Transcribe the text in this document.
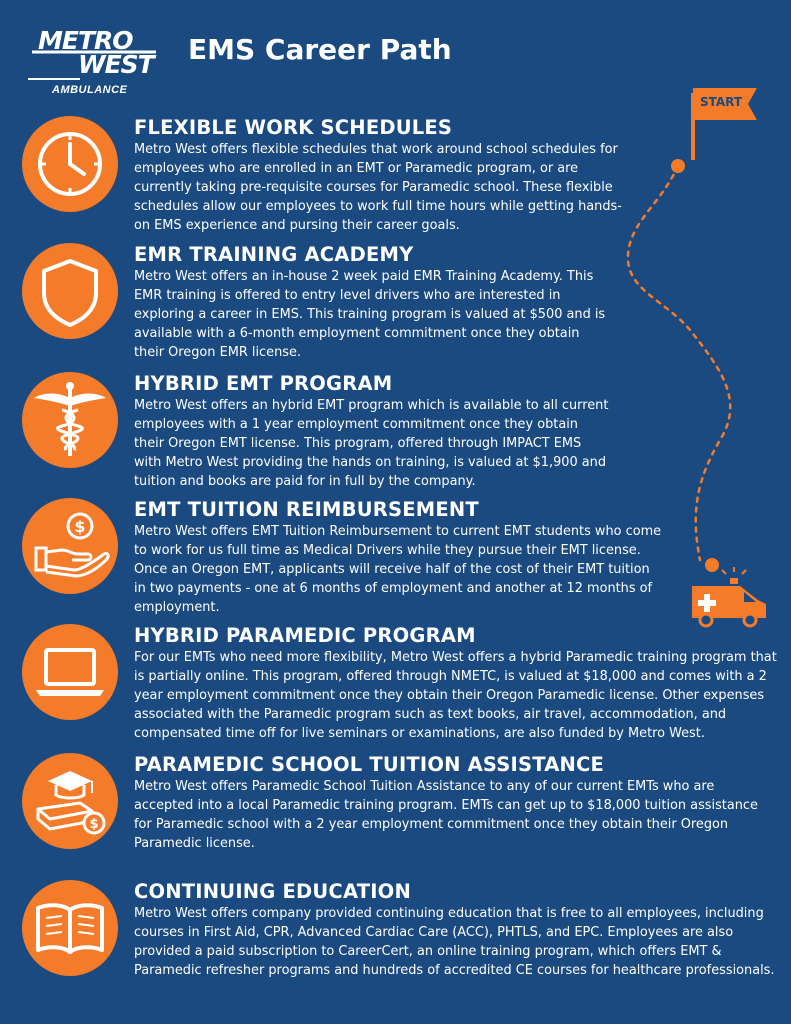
METRO
WEST
AMBULANCE
EMS Career Path
START
FLEXIBLE WORK SCHEDULES

Metro West offers flexible schedules that work around school schedules for employees who are enrolled in an EMT or Paramedic program, or are currently taking pre-requisite courses for Paramedic school. These flexible schedules allow our employees to work full time hours while getting hands-on EMS experience and pursing their career goals.

EMR TRAINING ACADEMY

Metro West offers an in-house 2 week paid EMR Training Academy. This EMR training is offered to entry level drivers who are interested in exploring a career in EMS. This training program is valued at $500 and is available with a 6-month employment commitment once they obtain their Oregon EMR license.

HYBRID EMT PROGRAM

Metro West offers an hybrid EMT program which is available to all current employees with a 1 year employment commitment once they obtain their Oregon EMT license. This program, offered through IMPACT EMS with Metro West providing the hands on training, is valued at $1,900 and tuition and books are paid for in full by the company.

$
EMT TUITION REIMBURSEMENT

Metro West offers EMT Tuition Reimbursement to current EMT students who come to work for us full time as Medical Drivers while they pursue their EMT license. Once an Oregon EMT, applicants will receive half of the cost of their EMT tuition in two payments - one at 6 months of employment and another at 12 months of employment.

HYBRID PARAMEDIC PROGRAM

For our EMTs who need more flexibility, Metro West offers a hybrid Paramedic training program that is partially online. This program, offered through NMETC, is valued at $18,000 and comes with a 2 year employment commitment once they obtain their Oregon Paramedic license. Other expenses associated with the Paramedic program such as text books, air travel, accommodation, and compensated time off for live seminars or examinations, are also funded by Metro West.

$
PARAMEDIC SCHOOL TUITION ASSISTANCE

Metro West offers Paramedic School Tuition Assistance to any of our current EMTs who are accepted into a local Paramedic training program. EMTs can get up to $18,000 tuition assistance for Paramedic school with a 2 year employment commitment once they obtain their Oregon Paramedic license.

CONTINUING EDUCATION

Metro West offers company provided continuing education that is free to all employees, including courses in First Aid, CPR, Advanced Cardiac Care (ACC), PHTLS, and EPC. Employees are also provided a paid subscription to CareerCert, an online training program, which offers EMT & Paramedic refresher programs and hundreds of accredited CE courses for healthcare professionals.
